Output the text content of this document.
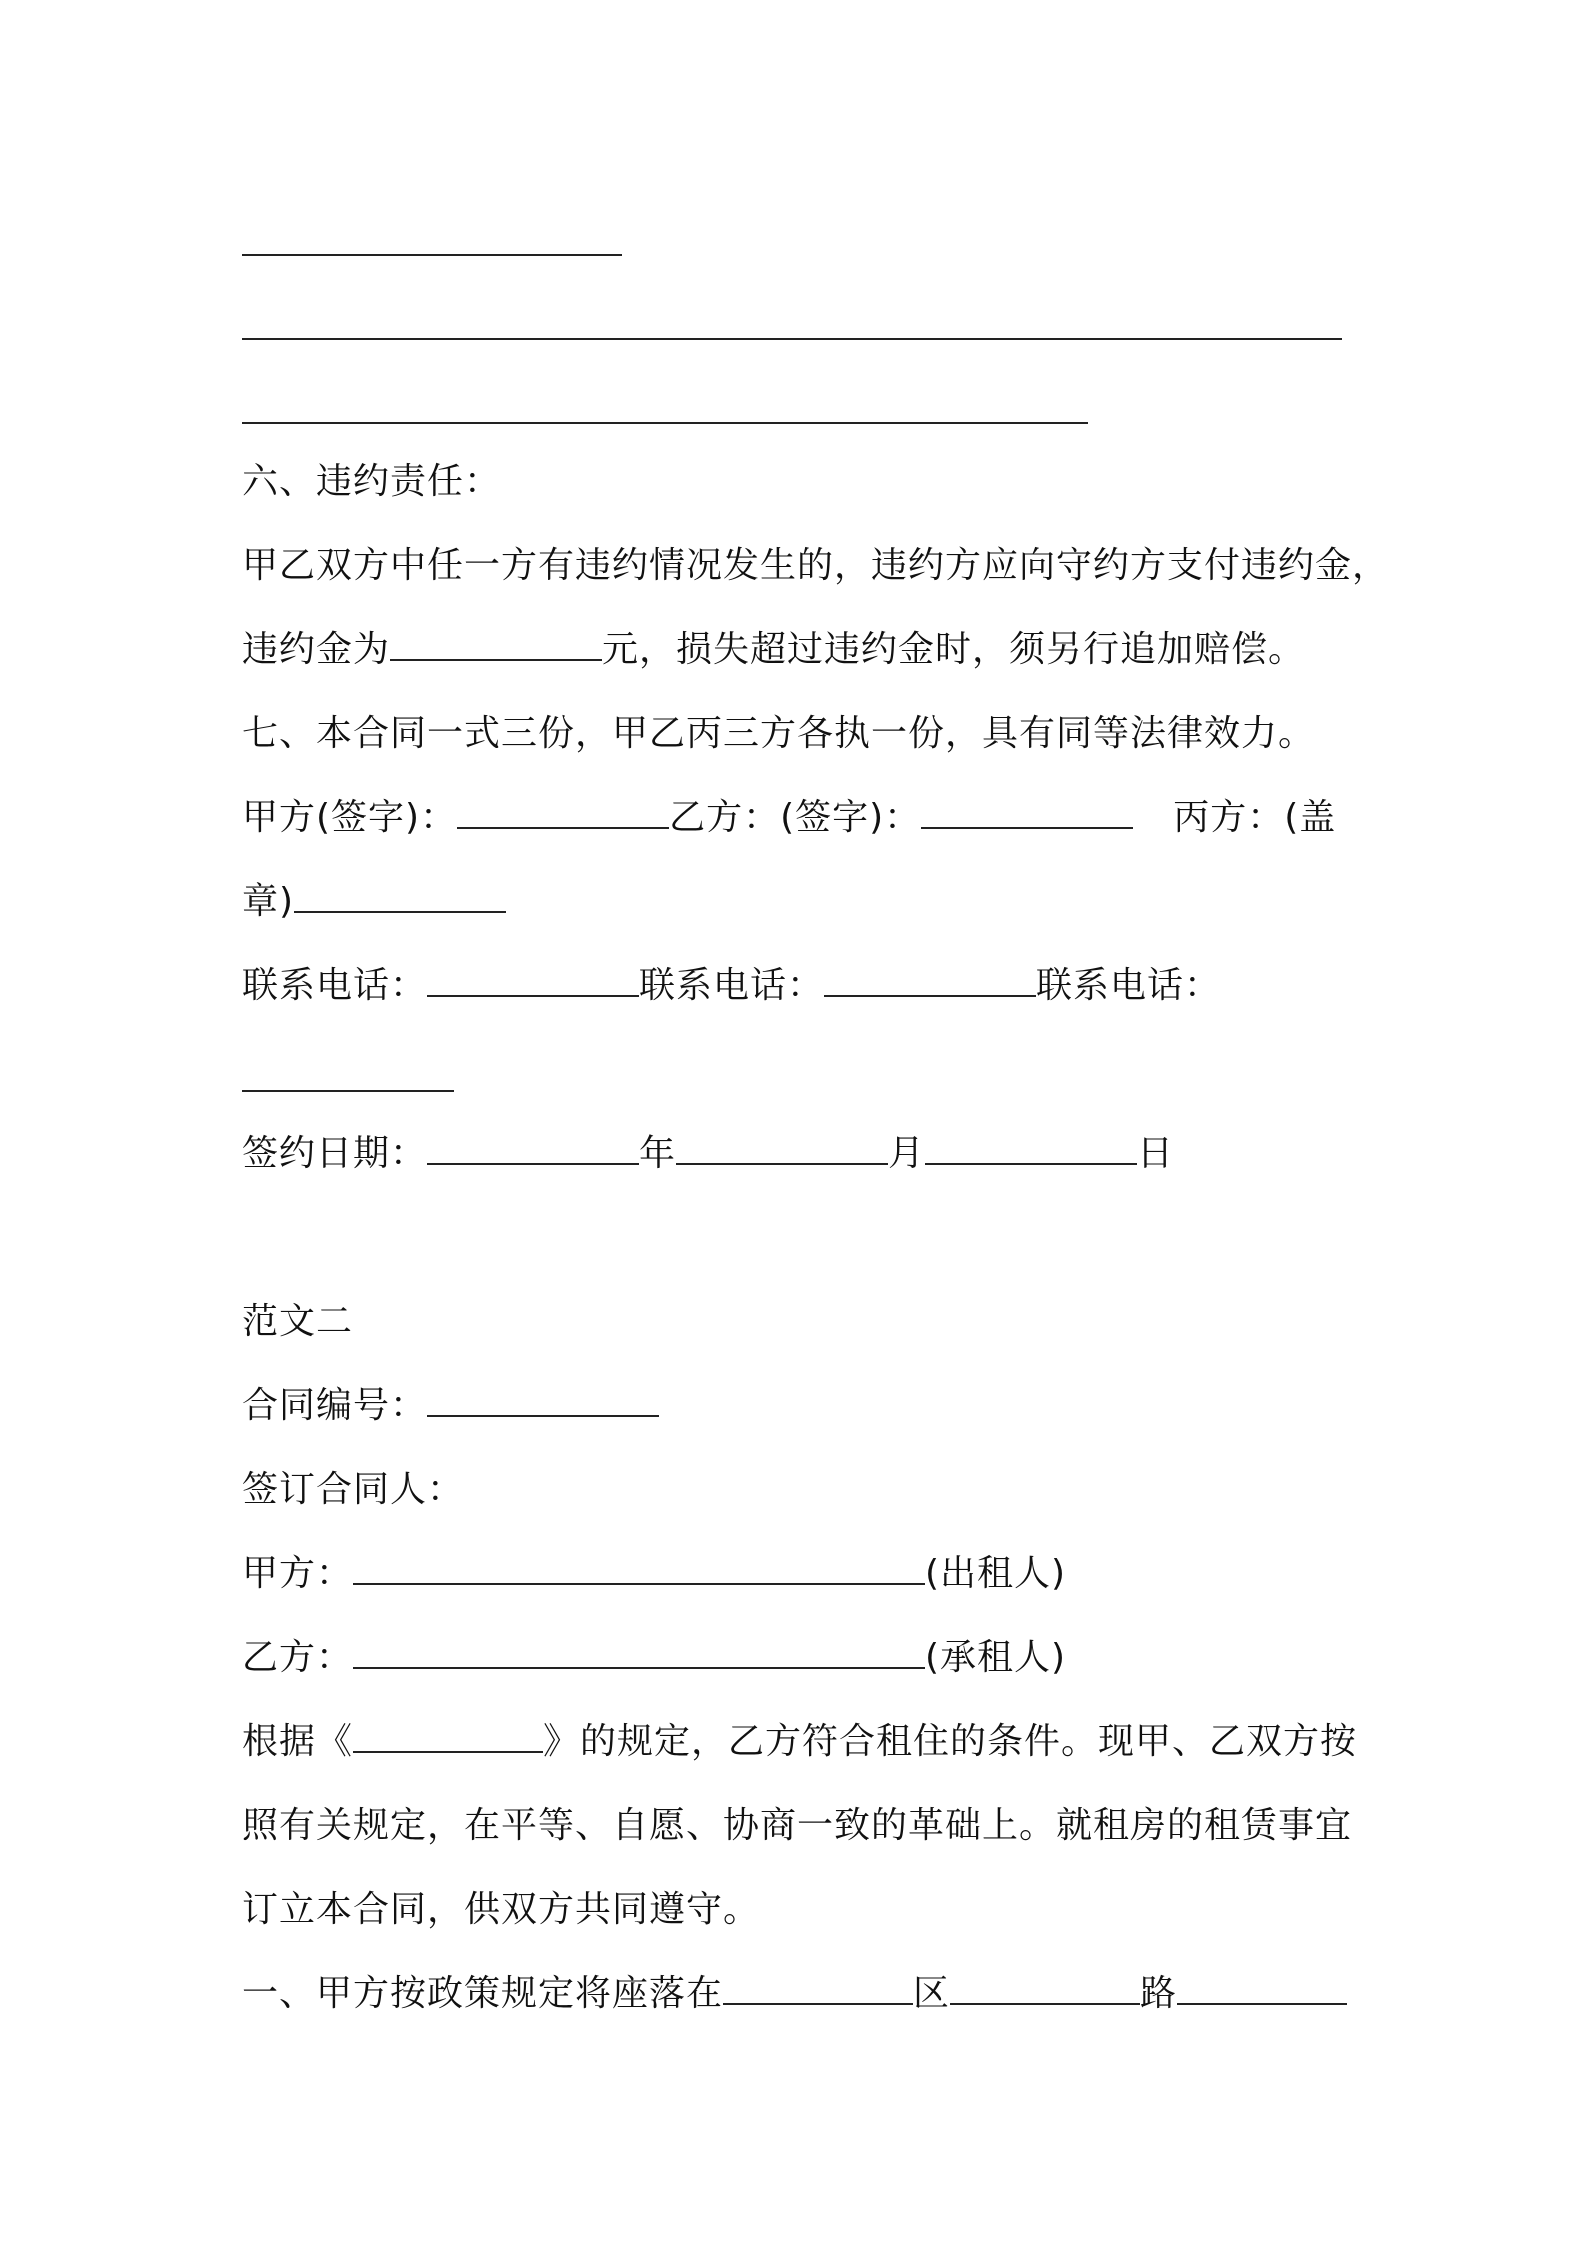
六、违约责任：
甲乙双方中任一方有违约情况发生的，违约方应向守约方支付违约金，
违约金为	元，损失超过违约金时，须另行追加赔偿。
七、本合同一式三份，甲乙丙三方各执一份，具有同等法律效力。
甲方(签字)：	乙方：(签字)：	丙方：(盖
章)
联系电话：	联系电话：	联系电话：
签约日期：	年	月	日
范文二
合同编号：
签订合同人：
甲方：	(出租人)
乙方：	(承租人)
根据《	》的规定，乙方符合租住的条件。现甲、乙双方按
照有关规定，在平等、自愿、协商一致的革础上。就租房的租赁事宜
订立本合同，供双方共同遵守。
一、甲方按政策规定将座落在	区	路
